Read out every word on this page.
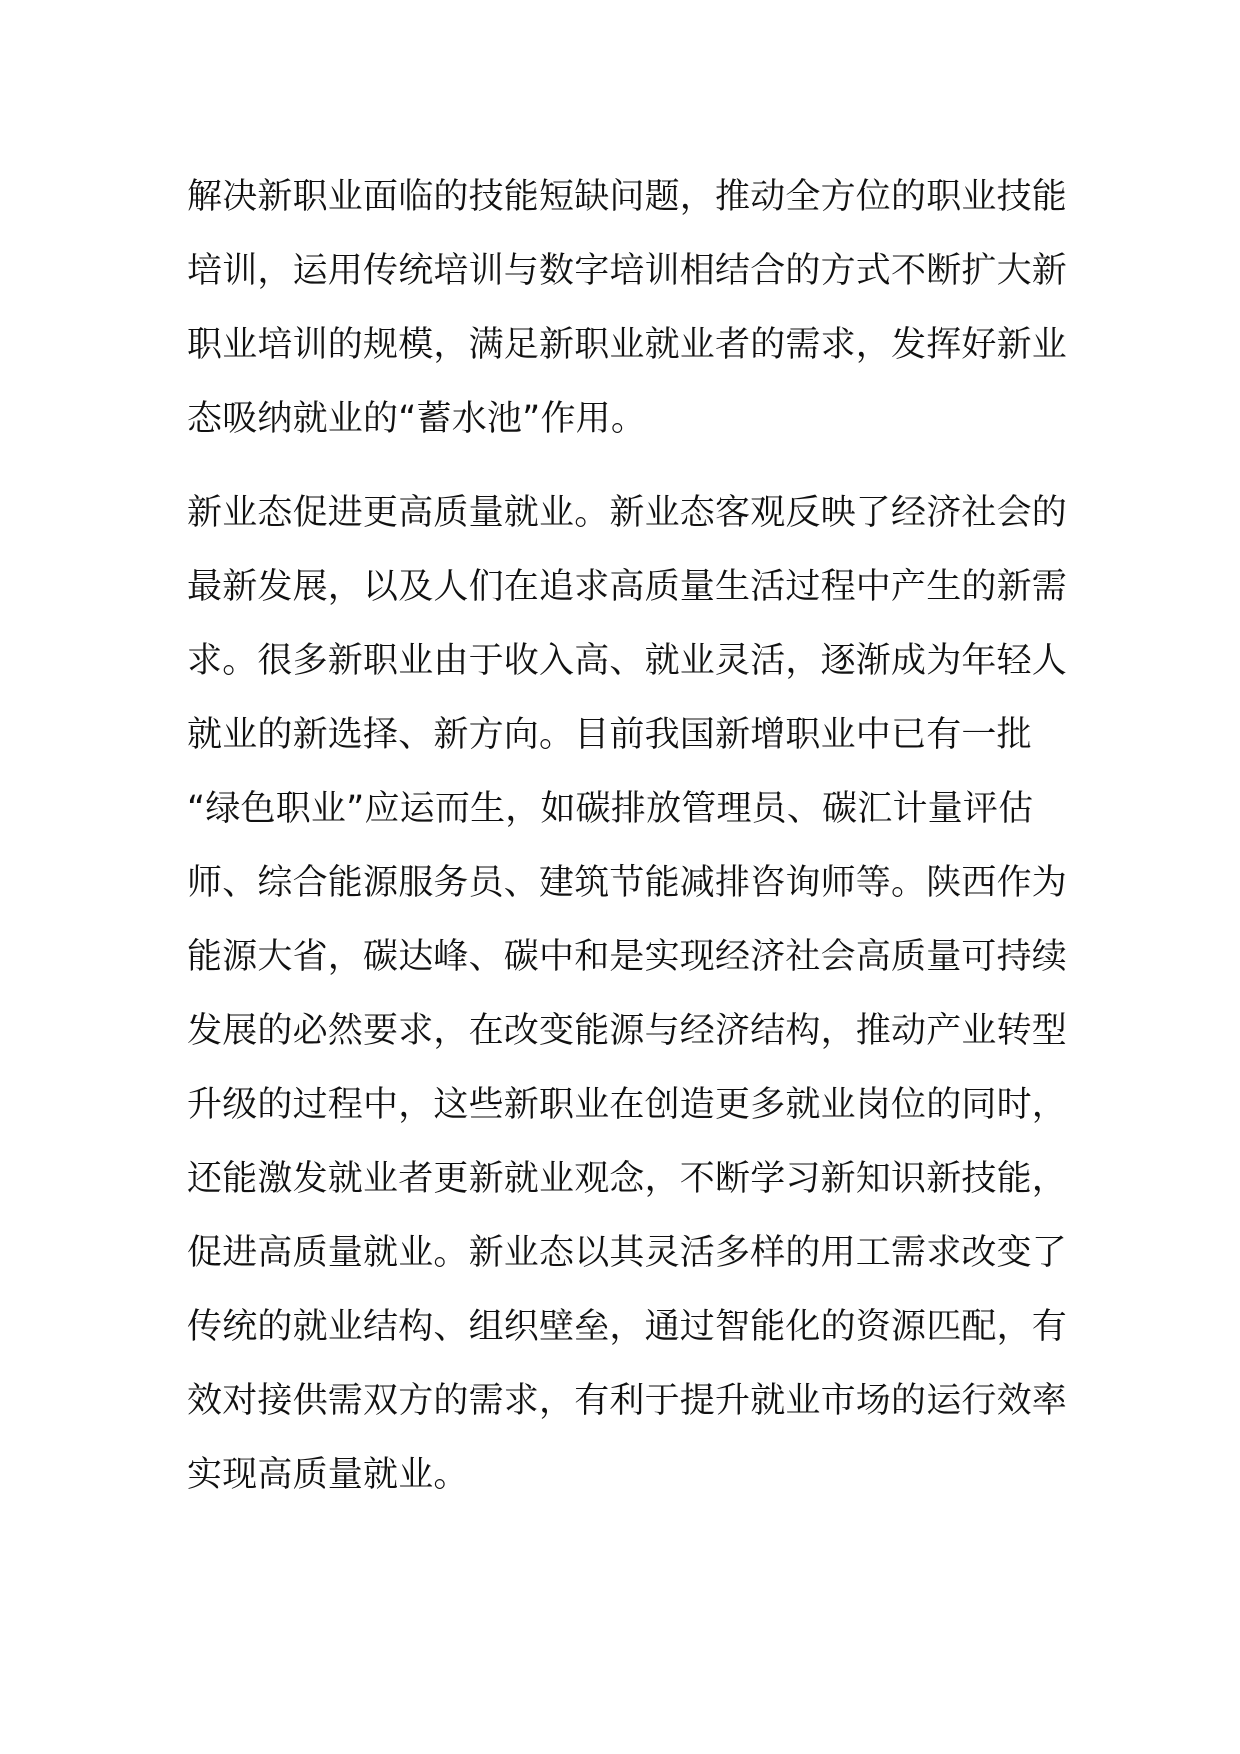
解决新职业面临的技能短缺问题，推动全方位的职业技能
培训，运用传统培训与数字培训相结合的方式不断扩大新
职业培训的规模，满足新职业就业者的需求，发挥好新业
态吸纳就业的“蓄水池”作用。
新业态促进更高质量就业。新业态客观反映了经济社会的
最新发展，以及人们在追求高质量生活过程中产生的新需
求。很多新职业由于收入高、就业灵活，逐渐成为年轻人
就业的新选择、新方向。目前我国新增职业中已有一批
“绿色职业”应运而生，如碳排放管理员、碳汇计量评估
师、综合能源服务员、建筑节能减排咨询师等。陕西作为
能源大省，碳达峰、碳中和是实现经济社会高质量可持续
发展的必然要求，在改变能源与经济结构，推动产业转型
升级的过程中，这些新职业在创造更多就业岗位的同时，
还能激发就业者更新就业观念，不断学习新知识新技能，
促进高质量就业。新业态以其灵活多样的用工需求改变了
传统的就业结构、组织壁垒，通过智能化的资源匹配，有
效对接供需双方的需求，有利于提升就业市场的运行效率
实现高质量就业。
